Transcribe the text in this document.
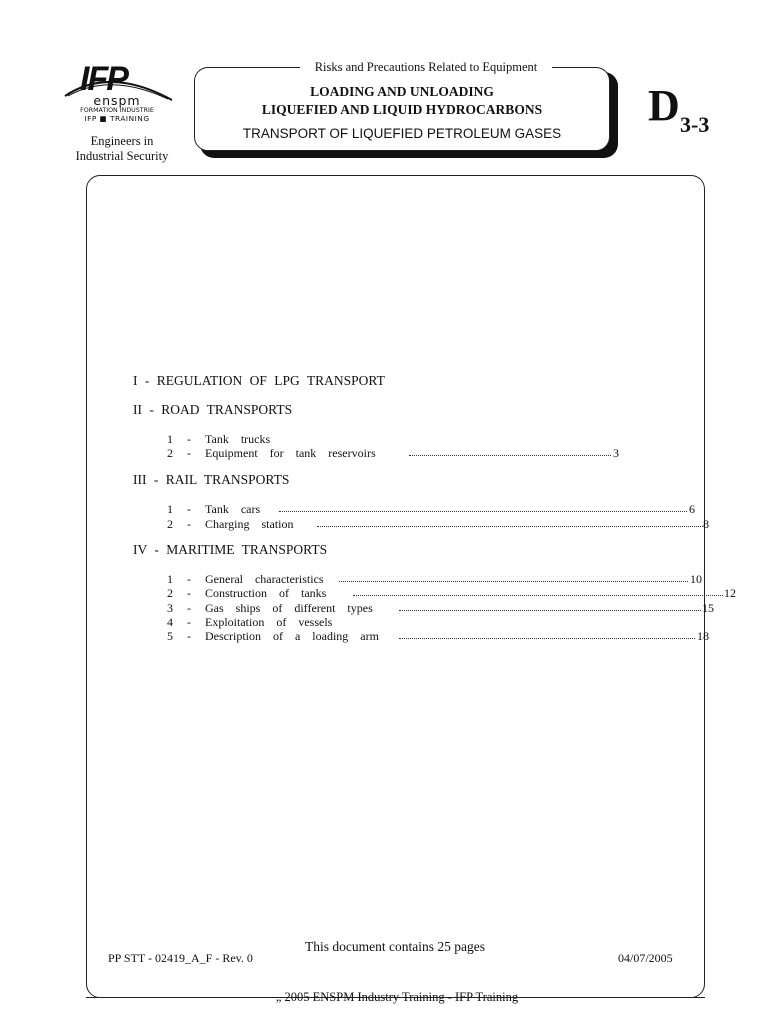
IFP
enspm
FORMATION INDUSTRIE
IFP ■ TRAINING
Engineers in
Industrial Security
Risks and Precautions Related to Equipment
LOADING AND UNLOADING
LIQUEFIED AND LIQUID HYDROCARBONS
TRANSPORT OF LIQUEFIED PETROLEUM GASES
D 3-3
I - REGULATION OF LPG TRANSPORT
II - ROAD TRANSPORTS
1 - Tank trucks
2 - Equipment for tank reservoirs	3
III - RAIL TRANSPORTS
1 - Tank cars	6
2 - Charging station	8
IV - MARITIME TRANSPORTS
1 - General characteristics	10
2 - Construction of tanks	12
3 - Gas ships of different types	15
4 - Exploitation of vessels
5 - Description of a loading arm	18
This document contains 25 pages
PP STT - 02419_A_F - Rev. 0	04/07/2005
„ 2005 ENSPM Industry Training - IFP Training
